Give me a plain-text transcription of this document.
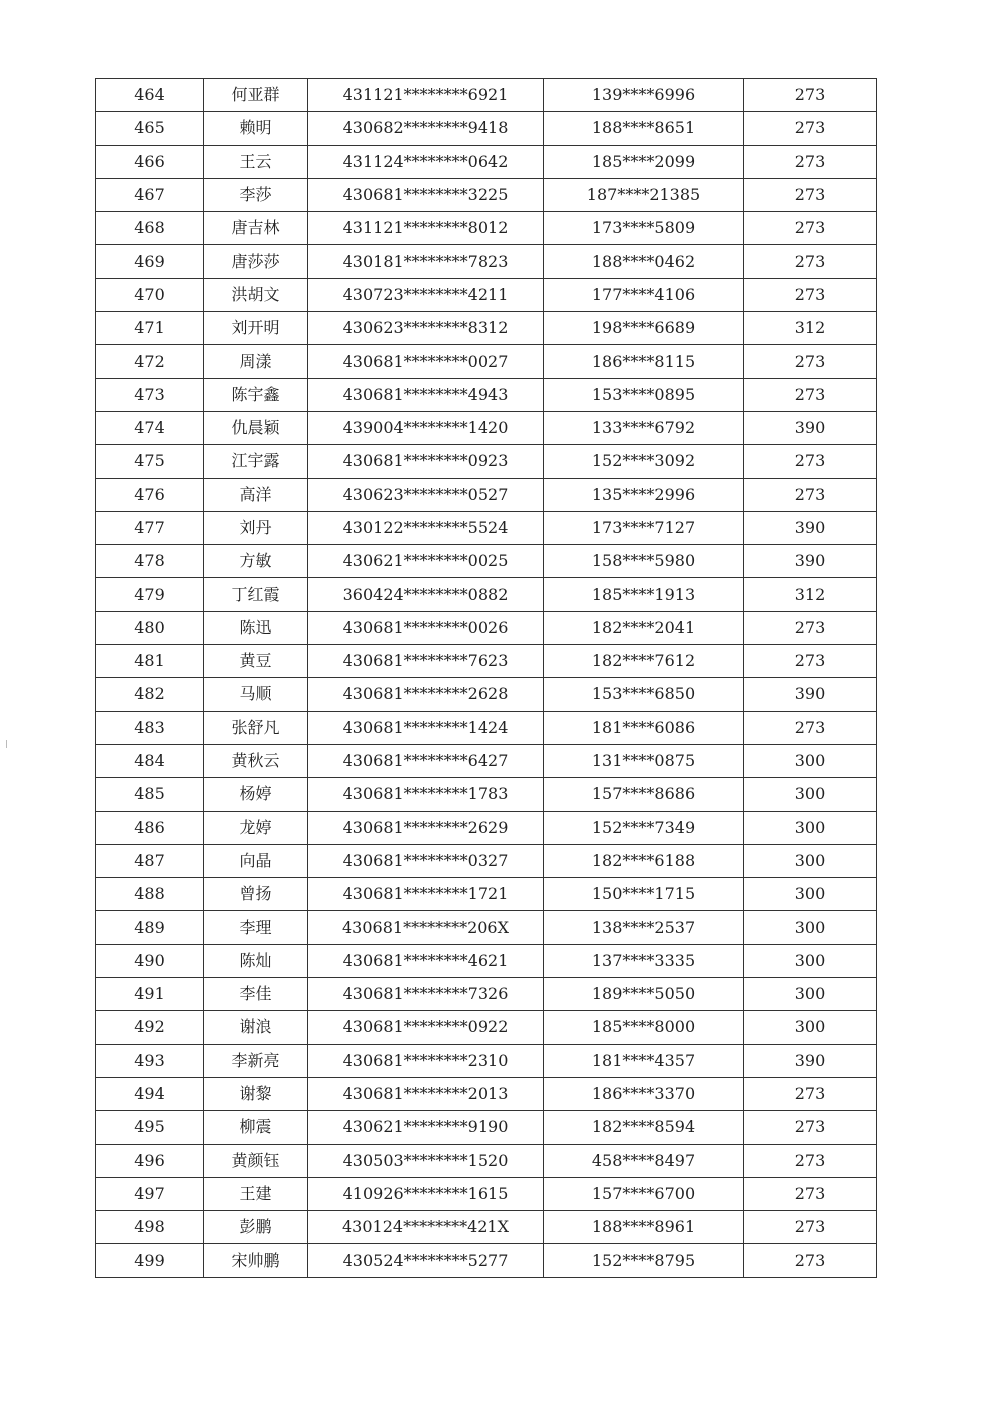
464	何亚群	431121********6921	139****6996	273
465	赖明	430682********9418	188****8651	273
466	王云	431124********0642	185****2099	273
467	李莎	430681********3225	187****21385	273
468	唐吉林	431121********8012	173****5809	273
469	唐莎莎	430181********7823	188****0462	273
470	洪胡文	430723********4211	177****4106	273
471	刘开明	430623********8312	198****6689	312
472	周漾	430681********0027	186****8115	273
473	陈宇鑫	430681********4943	153****0895	273
474	仇晨颖	439004********1420	133****6792	390
475	江宇露	430681********0923	152****3092	273
476	高洋	430623********0527	135****2996	273
477	刘丹	430122********5524	173****7127	390
478	方敏	430621********0025	158****5980	390
479	丁红霞	360424********0882	185****1913	312
480	陈迅	430681********0026	182****2041	273
481	黄豆	430681********7623	182****7612	273
482	马顺	430681********2628	153****6850	390
483	张舒凡	430681********1424	181****6086	273
484	黄秋云	430681********6427	131****0875	300
485	杨婷	430681********1783	157****8686	300
486	龙婷	430681********2629	152****7349	300
487	向晶	430681********0327	182****6188	300
488	曾扬	430681********1721	150****1715	300
489	李理	430681********206X	138****2537	300
490	陈灿	430681********4621	137****3335	300
491	李佳	430681********7326	189****5050	300
492	谢浪	430681********0922	185****8000	300
493	李新亮	430681********2310	181****4357	390
494	谢黎	430681********2013	186****3370	273
495	柳震	430621********9190	182****8594	273
496	黄颜钰	430503********1520	458****8497	273
497	王建	410926********1615	157****6700	273
498	彭鹏	430124********421X	188****8961	273
499	宋帅鹏	430524********5277	152****8795	273
